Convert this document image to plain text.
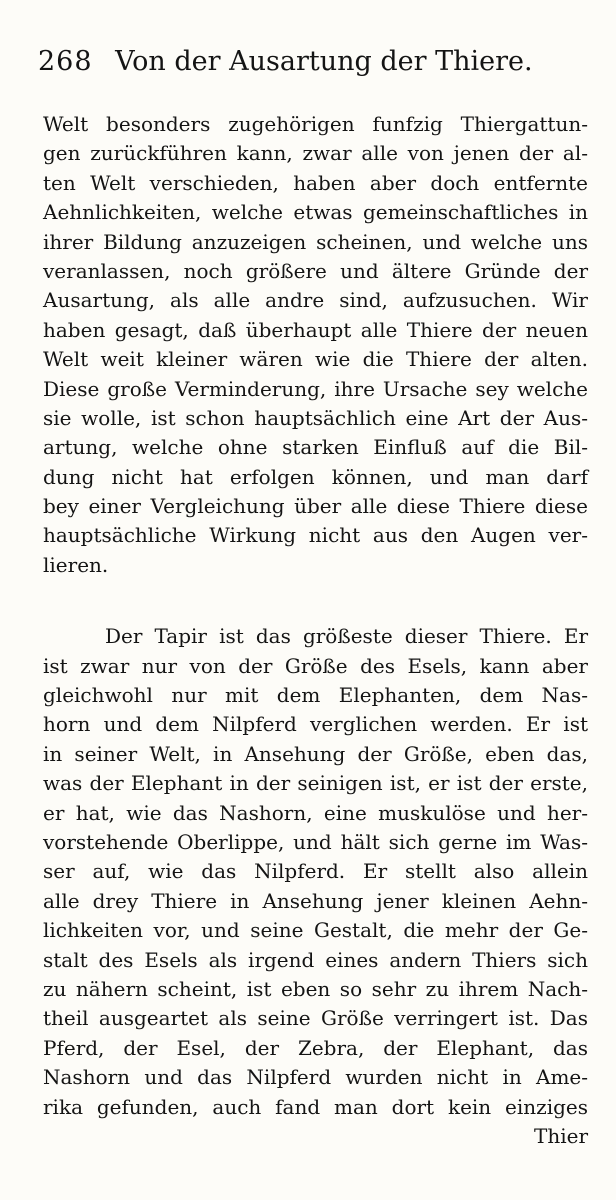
268 Von der Ausartung der Thiere.
Welt besonders zugehörigen funfzig Thiergattun-
gen zurückführen kann, zwar alle von jenen der al-
ten Welt verschieden, haben aber doch entfernte
Aehnlichkeiten, welche etwas gemeinschaftliches in
ihrer Bildung anzuzeigen scheinen, und welche uns
veranlassen, noch größere und ältere Gründe der
Ausartung, als alle andre sind, aufzusuchen. Wir
haben gesagt, daß überhaupt alle Thiere der neuen
Welt weit kleiner wären wie die Thiere der alten.
Diese große Verminderung, ihre Ursache sey welche
sie wolle, ist schon hauptsächlich eine Art der Aus-
artung, welche ohne starken Einfluß auf die Bil-
dung nicht hat erfolgen können, und man darf
bey einer Vergleichung über alle diese Thiere diese
hauptsächliche Wirkung nicht aus den Augen ver-
lieren.
Der Tapir ist das größeste dieser Thiere. Er
ist zwar nur von der Größe des Esels, kann aber
gleichwohl nur mit dem Elephanten, dem Nas-
horn und dem Nilpferd verglichen werden. Er ist
in seiner Welt, in Ansehung der Größe, eben das,
was der Elephant in der seinigen ist, er ist der erste,
er hat, wie das Nashorn, eine muskulöse und her-
vorstehende Oberlippe, und hält sich gerne im Was-
ser auf, wie das Nilpferd. Er stellt also allein
alle drey Thiere in Ansehung jener kleinen Aehn-
lichkeiten vor, und seine Gestalt, die mehr der Ge-
stalt des Esels als irgend eines andern Thiers sich
zu nähern scheint, ist eben so sehr zu ihrem Nach-
theil ausgeartet als seine Größe verringert ist. Das
Pferd, der Esel, der Zebra, der Elephant, das
Nashorn und das Nilpferd wurden nicht in Ame-
rika gefunden, auch fand man dort kein einziges
Thier
